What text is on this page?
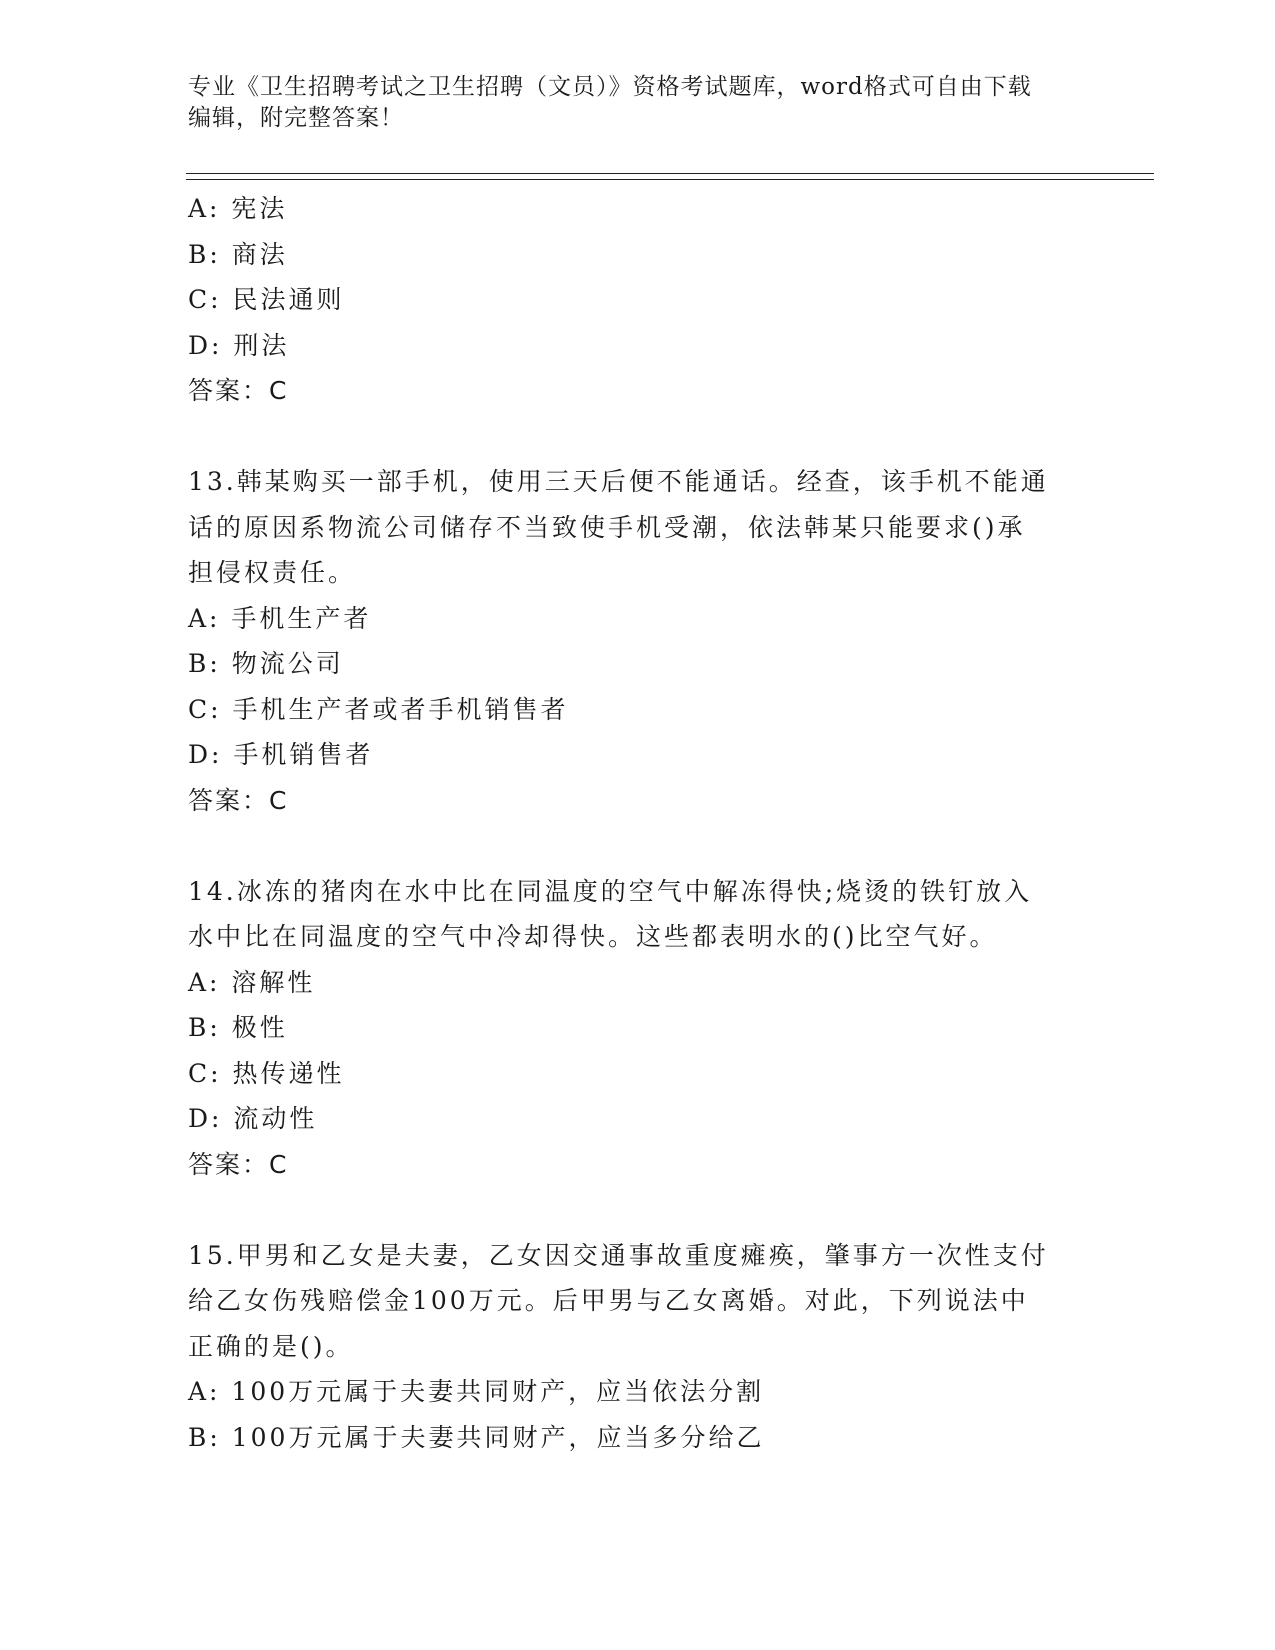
专业《卫生招聘考试之卫生招聘（文员）》资格考试题库，word格式可自由下载
编辑，附完整答案！
A: 宪法
B: 商法
C: 民法通则
D: 刑法
答案：C
13.韩某购买一部手机，使用三天后便不能通话。经查，该手机不能通
话的原因系物流公司储存不当致使手机受潮，依法韩某只能要求()承
担侵权责任。
A: 手机生产者
B: 物流公司
C: 手机生产者或者手机销售者
D: 手机销售者
答案：C
14.冰冻的猪肉在水中比在同温度的空气中解冻得快;烧烫的铁钉放入
水中比在同温度的空气中冷却得快。这些都表明水的()比空气好。
A: 溶解性
B: 极性
C: 热传递性
D: 流动性
答案：C
15.甲男和乙女是夫妻，乙女因交通事故重度瘫痪，肇事方一次性支付
给乙女伤残赔偿金100万元。后甲男与乙女离婚。对此，下列说法中
正确的是()。
A: 100万元属于夫妻共同财产，应当依法分割
B: 100万元属于夫妻共同财产，应当多分给乙
